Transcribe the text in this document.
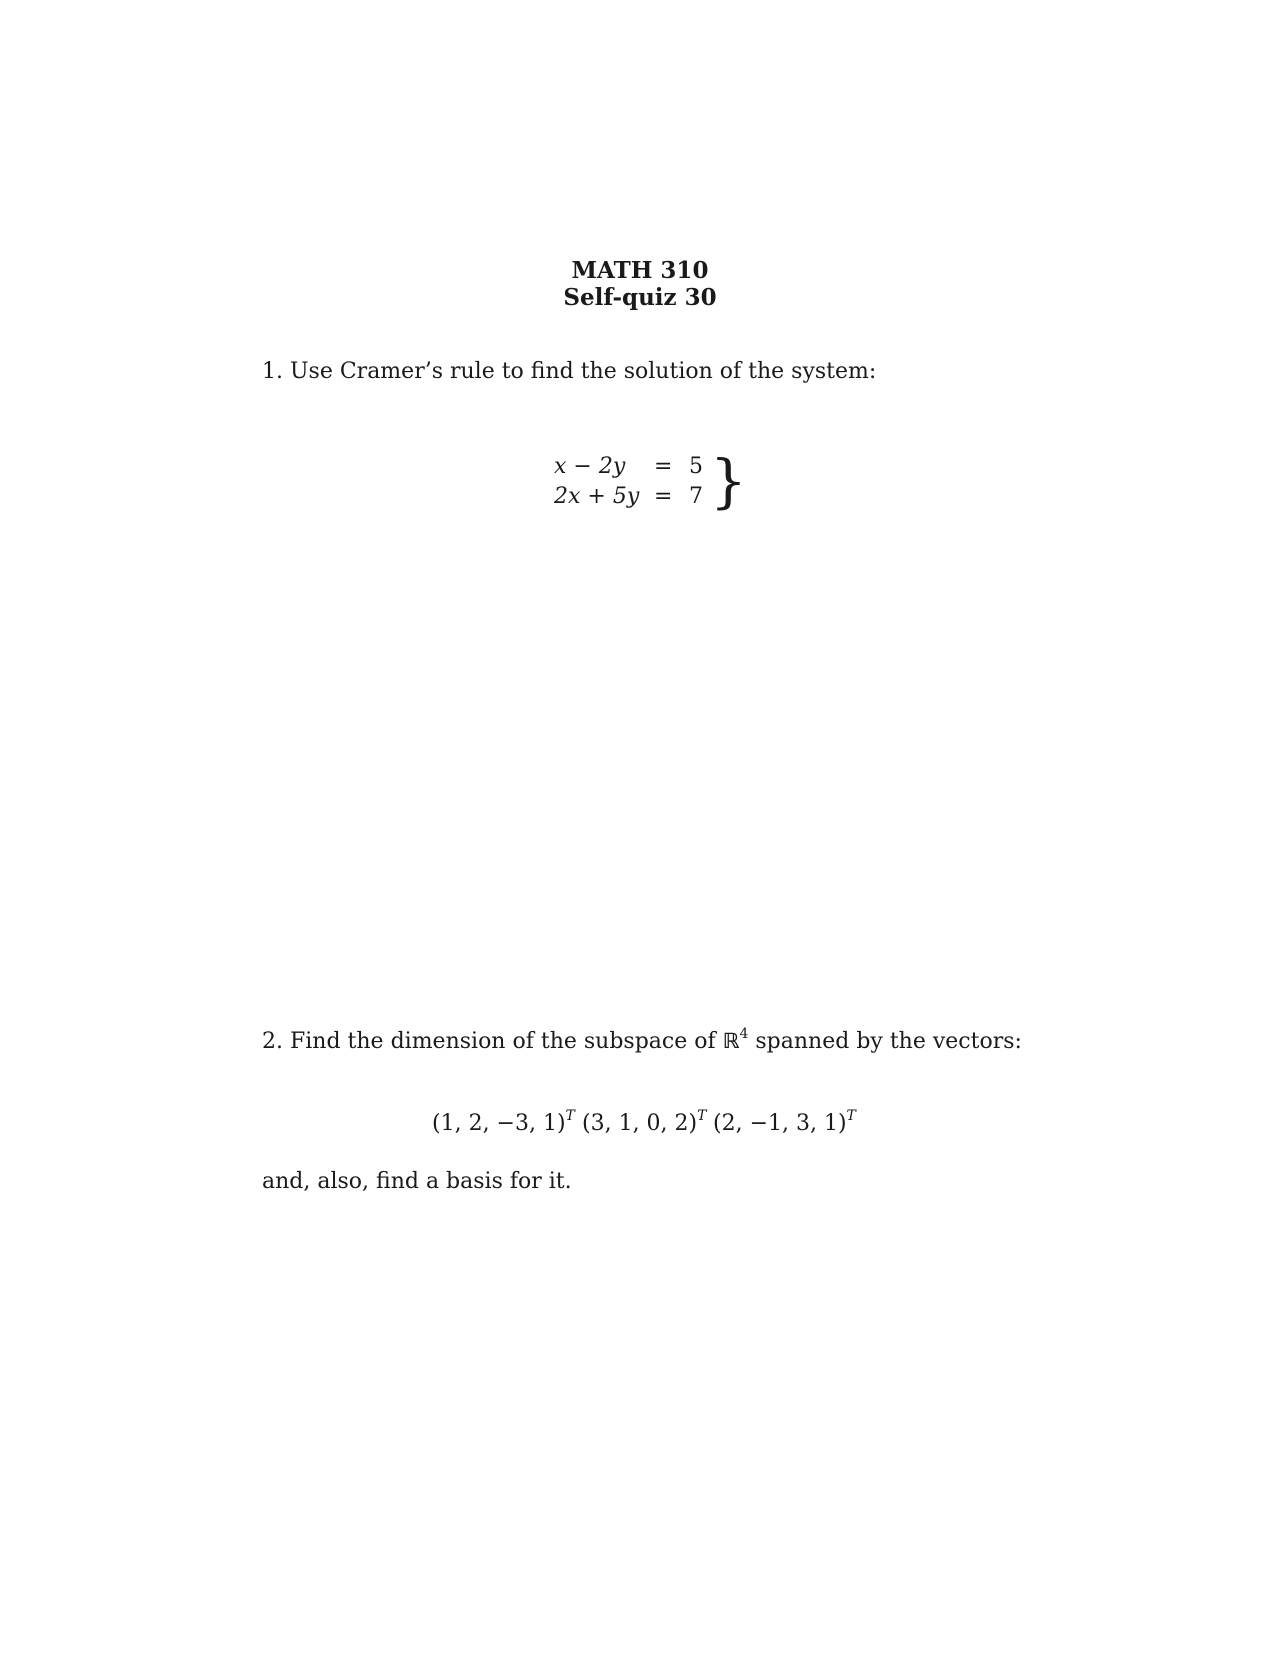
MATH 310
Self-quiz 30
1. Use Cramer’s rule to find the solution of the system:
x − 2y = 5
2x + 5y = 7 }
2. Find the dimension of the subspace of ℝ$^4$ spanned by the vectors:
(1, 2, −3, 1)$^T$ (3, 1, 0, 2)$^T$ (2, −1, 3, 1)$^T$
and, also, find a basis for it.
